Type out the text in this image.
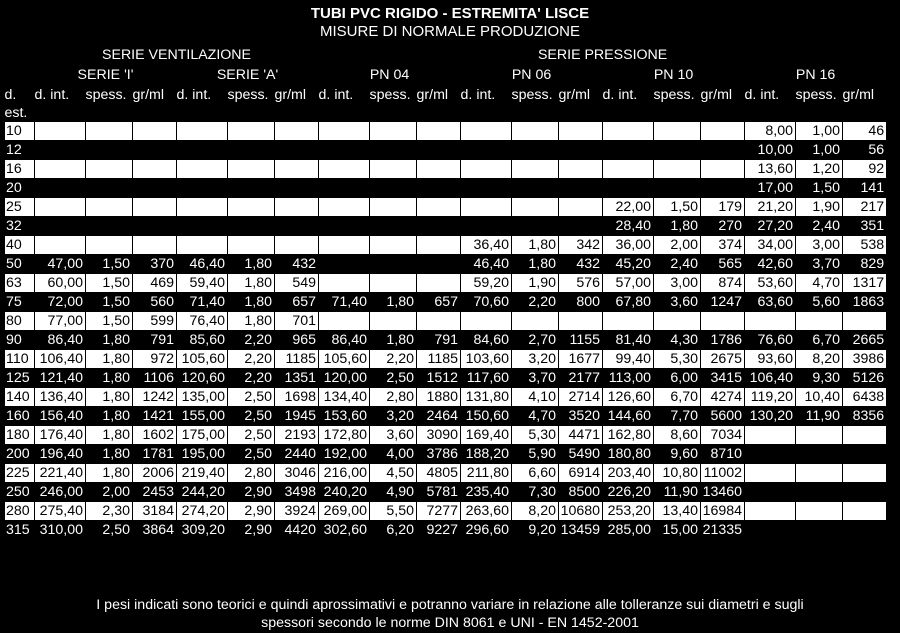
TUBI PVC RIGIDO - ESTREMITA' LISCE
MISURE DI NORMALE PRODUZIONE
	SERIE VENTILAZIONE						SERIE PRESSIONE											
	SERIE 'I'			SERIE 'A'			PN 04			PN 06			PN 10			PN 16		
d.	d. int.	spess.	gr/ml	d. int.	spess.	gr/ml	d. int.	spess.	gr/ml		d. int.	spess.	gr/ml	d. int.	spess.	gr/ml	d. int.	spess.	gr/ml
est.																		
10																	8,00	1,00	46
12																	10,00	1,00	56
16																	13,60	1,20	92
20																	17,00	1,50	141
25														22,00	1,50	179	21,20	1,90	217
32														28,40	1,80	270	27,20	2,40	351
40											36,40	1,80	342	36,00	2,00	374	34,00	3,00	538
50	47,00	1,50	370	46,40	1,80	432					46,40	1,80	432	45,20	2,40	565	42,60	3,70	829
63	60,00	1,50	469	59,40	1,80	549					59,20	1,90	576	57,00	3,00	874	53,60	4,70	1317
75	72,00	1,50	560	71,40	1,80	657	71,40	1,80	657		70,60	2,20	800	67,80	3,60	1247	63,60	5,60	1863
80	77,00	1,50	599	76,40	1,80	701													
90	86,40	1,80	791	85,60	2,20	965	86,40	1,80	791		84,60	2,70	1155	81,40	4,30	1786	76,60	6,70	2665
110	106,40	1,80	972	105,60	2,20	1185	105,60	2,20	1185		103,60	3,20	1677	99,40	5,30	2675	93,60	8,20	3986
125	121,40	1,80	1106	120,60	2,20	1351	120,00	2,50	1512		117,60	3,70	2177	113,00	6,00	3415	106,40	9,30	5126
140	136,40	1,80	1242	135,00	2,50	1698	134,40	2,80	1880		131,80	4,10	2714	126,60	6,70	4274	119,20	10,40	6438
160	156,40	1,80	1421	155,00	2,50	1945	153,60	3,20	2464		150,60	4,70	3520	144,60	7,70	5600	130,20	11,90	8356
180	176,40	1,80	1602	175,00	2,50	2193	172,80	3,60	3090		169,40	5,30	4471	162,80	8,60	7034			
200	196,40	1,80	1781	195,00	2,50	2440	192,00	4,00	3786		188,20	5,90	5490	180,80	9,60	8710			
225	221,40	1,80	2006	219,40	2,80	3046	216,00	4,50	4805		211,80	6,60	6914	203,40	10,80	11002			
250	246,00	2,00	2453	244,20	2,90	3498	240,20	4,90	5781		235,40	7,30	8500	226,20	11,90	13460			
280	275,40	2,30	3184	274,20	2,90	3924	269,00	5,50	7277		263,60	8,20	10680	253,20	13,40	16984			
315	310,00	2,50	3864	309,20	2,90	4420	302,60	6,20	9227		296,60	9,20	13459	285,00	15,00	21335			
I pesi indicati sono teorici e quindi aprossimativi e potranno variare in relazione alle tolleranze sui diametri e sugli
spessori secondo le norme DIN 8061 e UNI - EN 1452-2001
